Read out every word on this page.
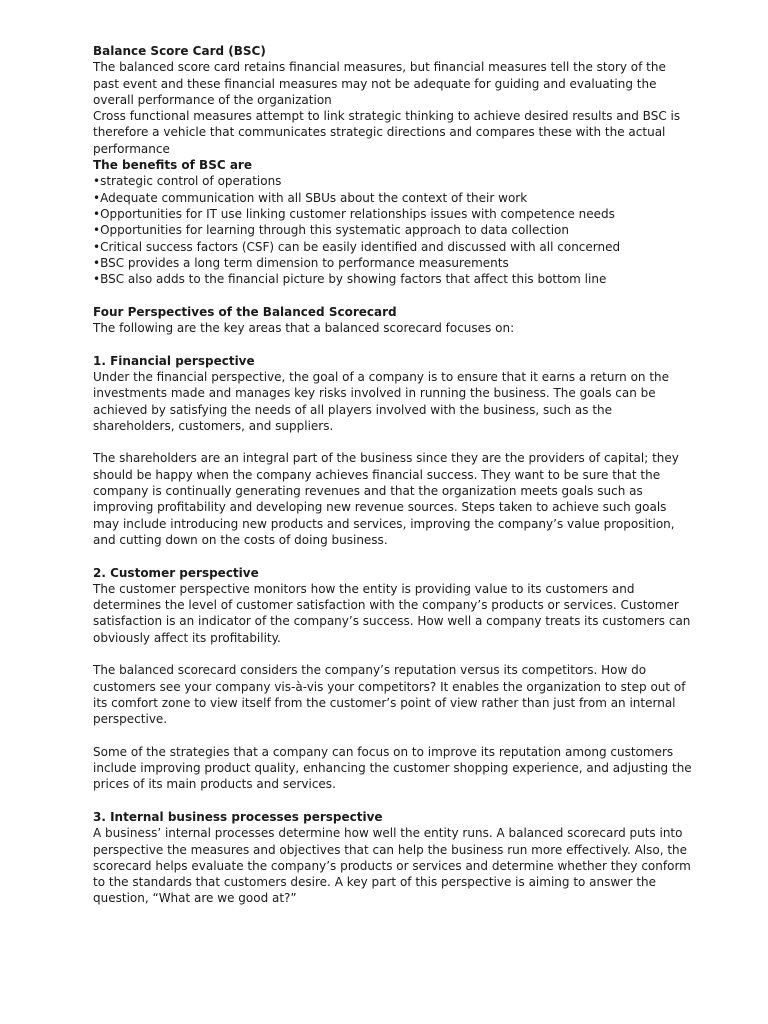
Balance Score Card (BSC)

The balanced score card retains financial measures, but financial measures tell the story of the past event and these financial measures may not be adequate for guiding and evaluating the overall performance of the organization

Cross functional measures attempt to link strategic thinking to achieve desired results and BSC is therefore a vehicle that communicates strategic directions and compares these with the actual performance

The benefits of BSC are

• strategic control of operations
• Adequate communication with all SBUs about the context of their work
• Opportunities for IT use linking customer relationships issues with competence needs
• Opportunities for learning through this systematic approach to data collection
• Critical success factors (CSF) can be easily identified and discussed with all concerned
• BSC provides a long term dimension to performance measurements
• BSC also adds to the financial picture by showing factors that affect this bottom line

Four Perspectives of the Balanced Scorecard

The following are the key areas that a balanced scorecard focuses on:

1. Financial perspective

Under the financial perspective, the goal of a company is to ensure that it earns a return on the investments made and manages key risks involved in running the business. The goals can be achieved by satisfying the needs of all players involved with the business, such as the shareholders, customers, and suppliers.

The shareholders are an integral part of the business since they are the providers of capital; they should be happy when the company achieves financial success. They want to be sure that the company is continually generating revenues and that the organization meets goals such as improving profitability and developing new revenue sources. Steps taken to achieve such goals may include introducing new products and services, improving the company’s value proposition, and cutting down on the costs of doing business.

2. Customer perspective

The customer perspective monitors how the entity is providing value to its customers and determines the level of customer satisfaction with the company’s products or services. Customer satisfaction is an indicator of the company’s success. How well a company treats its customers can obviously affect its profitability.

The balanced scorecard considers the company’s reputation versus its competitors. How do customers see your company vis-à-vis your competitors? It enables the organization to step out of its comfort zone to view itself from the customer’s point of view rather than just from an internal perspective.

Some of the strategies that a company can focus on to improve its reputation among customers include improving product quality, enhancing the customer shopping experience, and adjusting the prices of its main products and services.

3. Internal business processes perspective

A business’ internal processes determine how well the entity runs. A balanced scorecard puts into perspective the measures and objectives that can help the business run more effectively. Also, the scorecard helps evaluate the company’s products or services and determine whether they conform to the standards that customers desire. A key part of this perspective is aiming to answer the question, “What are we good at?”
